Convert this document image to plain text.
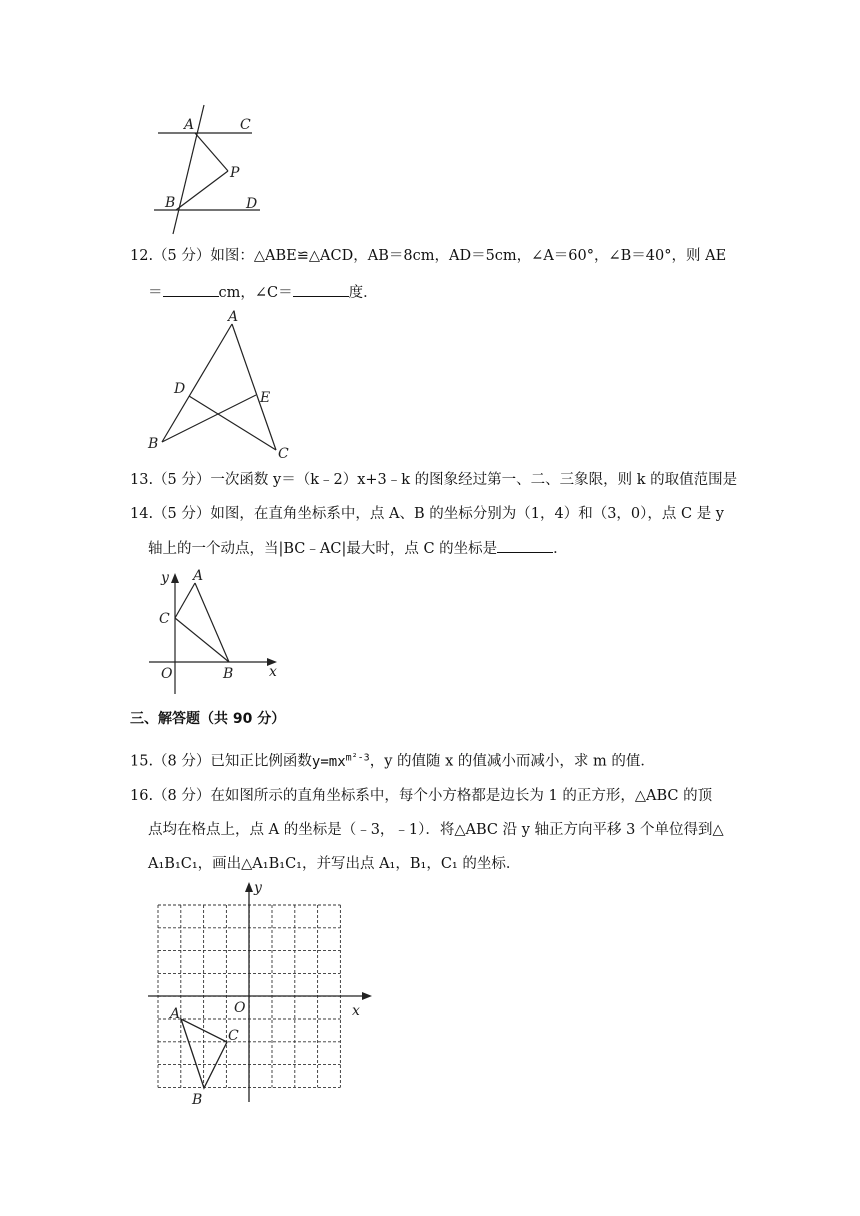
A	C
P
B	D
12.（5 分）如图：△ABE≌△ACD，AB＝8cm，AD＝5cm，∠A＝60°，∠B＝40°，则 AE
＝	cm，∠C＝	度．
A
D
E
B
C
13.（5 分）一次函数 y＝（k﹣2）x+3﹣k 的图象经过第一、二、三象限，则 k 的取值范围是
14.（5 分）如图，在直角坐标系中，点 A、B 的坐标分别为（1，4）和（3，0），点 C 是 y
轴上的一个动点，当|BC﹣AC|最大时，点 C 的坐标是	．
y A
C
O	B	x
三、解答题（共 90 分）
15.（8 分）已知正比例函数$y=mx^{m^2-3}$，y 的值随 x 的值减小而减小，求 m 的值．
16.（8 分）在如图所示的直角坐标系中，每个小方格都是边长为 1 的正方形，△ABC 的顶
点均在格点上，点 A 的坐标是（﹣3，﹣1）．将△ABC 沿 y 轴正方向平移 3 个单位得到△
A₁B₁C₁，画出△A₁B₁C₁，并写出点 A₁，B₁，C₁ 的坐标．
y
O	x
A
C
B
